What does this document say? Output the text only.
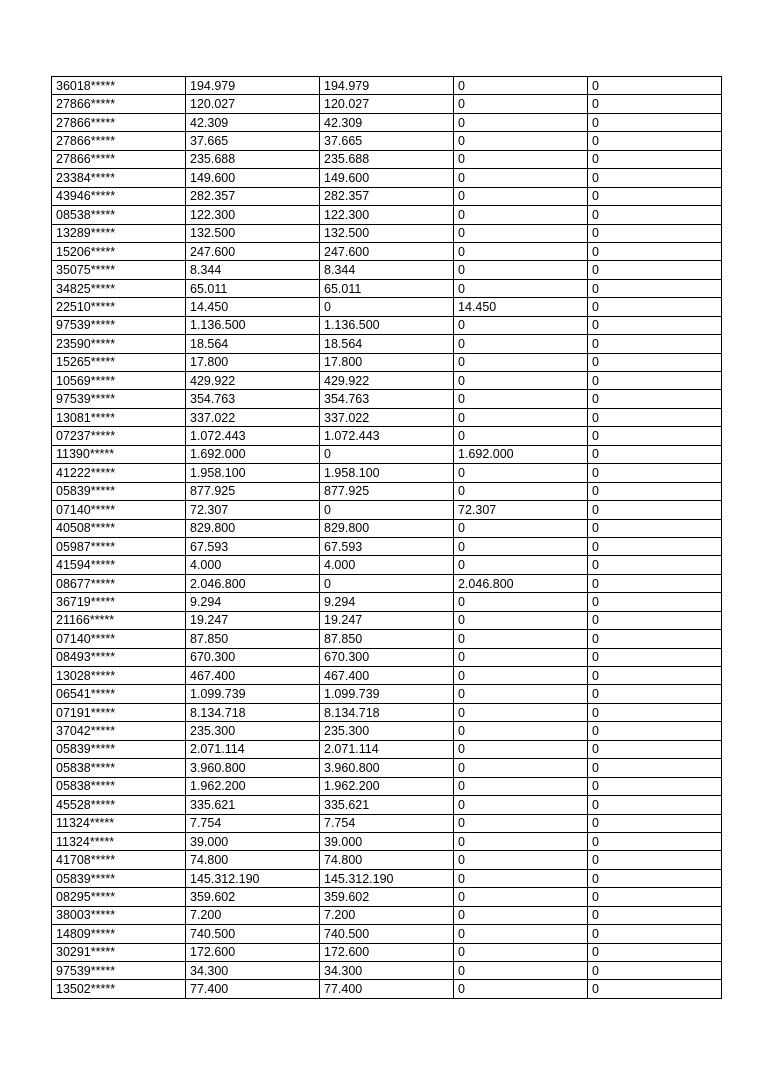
36018*****	194.979	194.979	0	0
27866*****	120.027	120.027	0	0
27866*****	42.309	42.309	0	0
27866*****	37.665	37.665	0	0
27866*****	235.688	235.688	0	0
23384*****	149.600	149.600	0	0
43946*****	282.357	282.357	0	0
08538*****	122.300	122.300	0	0
13289*****	132.500	132.500	0	0
15206*****	247.600	247.600	0	0
35075*****	8.344	8.344	0	0
34825*****	65.011	65.011	0	0
22510*****	14.450	0	14.450	0
97539*****	1.136.500	1.136.500	0	0
23590*****	18.564	18.564	0	0
15265*****	17.800	17.800	0	0
10569*****	429.922	429.922	0	0
97539*****	354.763	354.763	0	0
13081*****	337.022	337.022	0	0
07237*****	1.072.443	1.072.443	0	0
11390*****	1.692.000	0	1.692.000	0
41222*****	1.958.100	1.958.100	0	0
05839*****	877.925	877.925	0	0
07140*****	72.307	0	72.307	0
40508*****	829.800	829.800	0	0
05987*****	67.593	67.593	0	0
41594*****	4.000	4.000	0	0
08677*****	2.046.800	0	2.046.800	0
36719*****	9.294	9.294	0	0
21166*****	19.247	19.247	0	0
07140*****	87.850	87.850	0	0
08493*****	670.300	670.300	0	0
13028*****	467.400	467.400	0	0
06541*****	1.099.739	1.099.739	0	0
07191*****	8.134.718	8.134.718	0	0
37042*****	235.300	235.300	0	0
05839*****	2.071.114	2.071.114	0	0
05838*****	3.960.800	3.960.800	0	0
05838*****	1.962.200	1.962.200	0	0
45528*****	335.621	335.621	0	0
11324*****	7.754	7.754	0	0
11324*****	39.000	39.000	0	0
41708*****	74.800	74.800	0	0
05839*****	145.312.190	145.312.190	0	0
08295*****	359.602	359.602	0	0
38003*****	7.200	7.200	0	0
14809*****	740.500	740.500	0	0
30291*****	172.600	172.600	0	0
97539*****	34.300	34.300	0	0
13502*****	77.400	77.400	0	0
